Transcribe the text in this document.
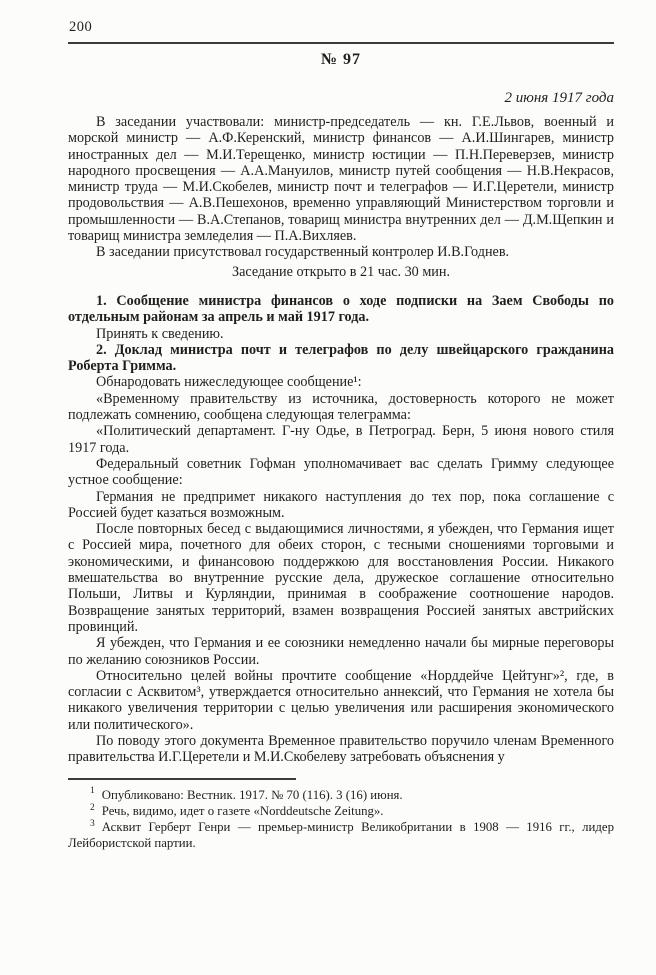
200
№ 97
2 июня 1917 года

В заседании участвовали: министр-председатель — кн. Г.Е.Львов, военный и морской министр — А.Ф.Керенский, министр финансов — А.И.Шингарев, министр иностранных дел — М.И.Терещенко, министр юстиции — П.Н.Переверзев, министр народного просвещения — А.А.Мануилов, министр путей сообщения — Н.В.Некрасов, министр труда — М.И.Скобелев, министр почт и телеграфов — И.Г.Церетели, министр продовольствия — А.В.Пешехонов, временно управляющий Министерством торговли и промышленности — В.А.Степанов, товарищ министра внутренних дел — Д.М.Щепкин и товарищ министра земледелия — П.А.Вихляев.

В заседании присутствовал государственный контролер И.В.Годнев.

Заседание открыто в 21 час. 30 мин.

1. Сообщение министра финансов о ходе подписки на Заем Свободы по отдельным районам за апрель и май 1917 года.

Принять к сведению.

2. Доклад министра почт и телеграфов по делу швейцарского гражданина Роберта Гримма.

Обнародовать нижеследующее сообщение¹:

«Временному правительству из источника, достоверность которого не может подлежать сомнению, сообщена следующая телеграмма:

«Политический департамент. Г-ну Одье, в Петроград. Берн, 5 июня нового стиля 1917 года.

Федеральный советник Гофман уполномачивает вас сделать Гримму следующее устное сообщение:

Германия не предпримет никакого наступления до тех пор, пока соглашение с Россией будет казаться возможным.

После повторных бесед с выдающимися личностями, я убежден, что Германия ищет с Россией мира, почетного для обеих сторон, с тесными сношениями торговыми и экономическими, и финансовою поддержкою для восстановления России. Никакого вмешательства во внутренние русские дела, дружеское соглашение относительно Польши, Литвы и Курляндии, принимая в соображение соотношение народов. Возвращение занятых территорий, взамен возвращения Россией занятых австрийских провинций.

Я убежден, что Германия и ее союзники немедленно начали бы мирные переговоры по желанию союзников России.

Относительно целей войны прочтите сообщение «Норддейче Цейтунг»², где, в согласии с Асквитом³, утверждается относительно аннексий, что Германия не хотела бы никакого увеличения территории с целью увеличения или расширения экономического или политического».

По поводу этого документа Временное правительство поручило членам Временного правительства И.Г.Церетели и М.И.Скобелеву затребовать объяснения у

$^1$ Опубликовано: Вестник. 1917. № 70 (116). 3 (16) июня.

$^2$ Речь, видимо, идет о газете «Norddeutsche Zeitung».

$^3$ Асквит Герберт Генри — премьер-министр Великобритании в 1908 — 1916 гг., лидер Лейбористской партии.
